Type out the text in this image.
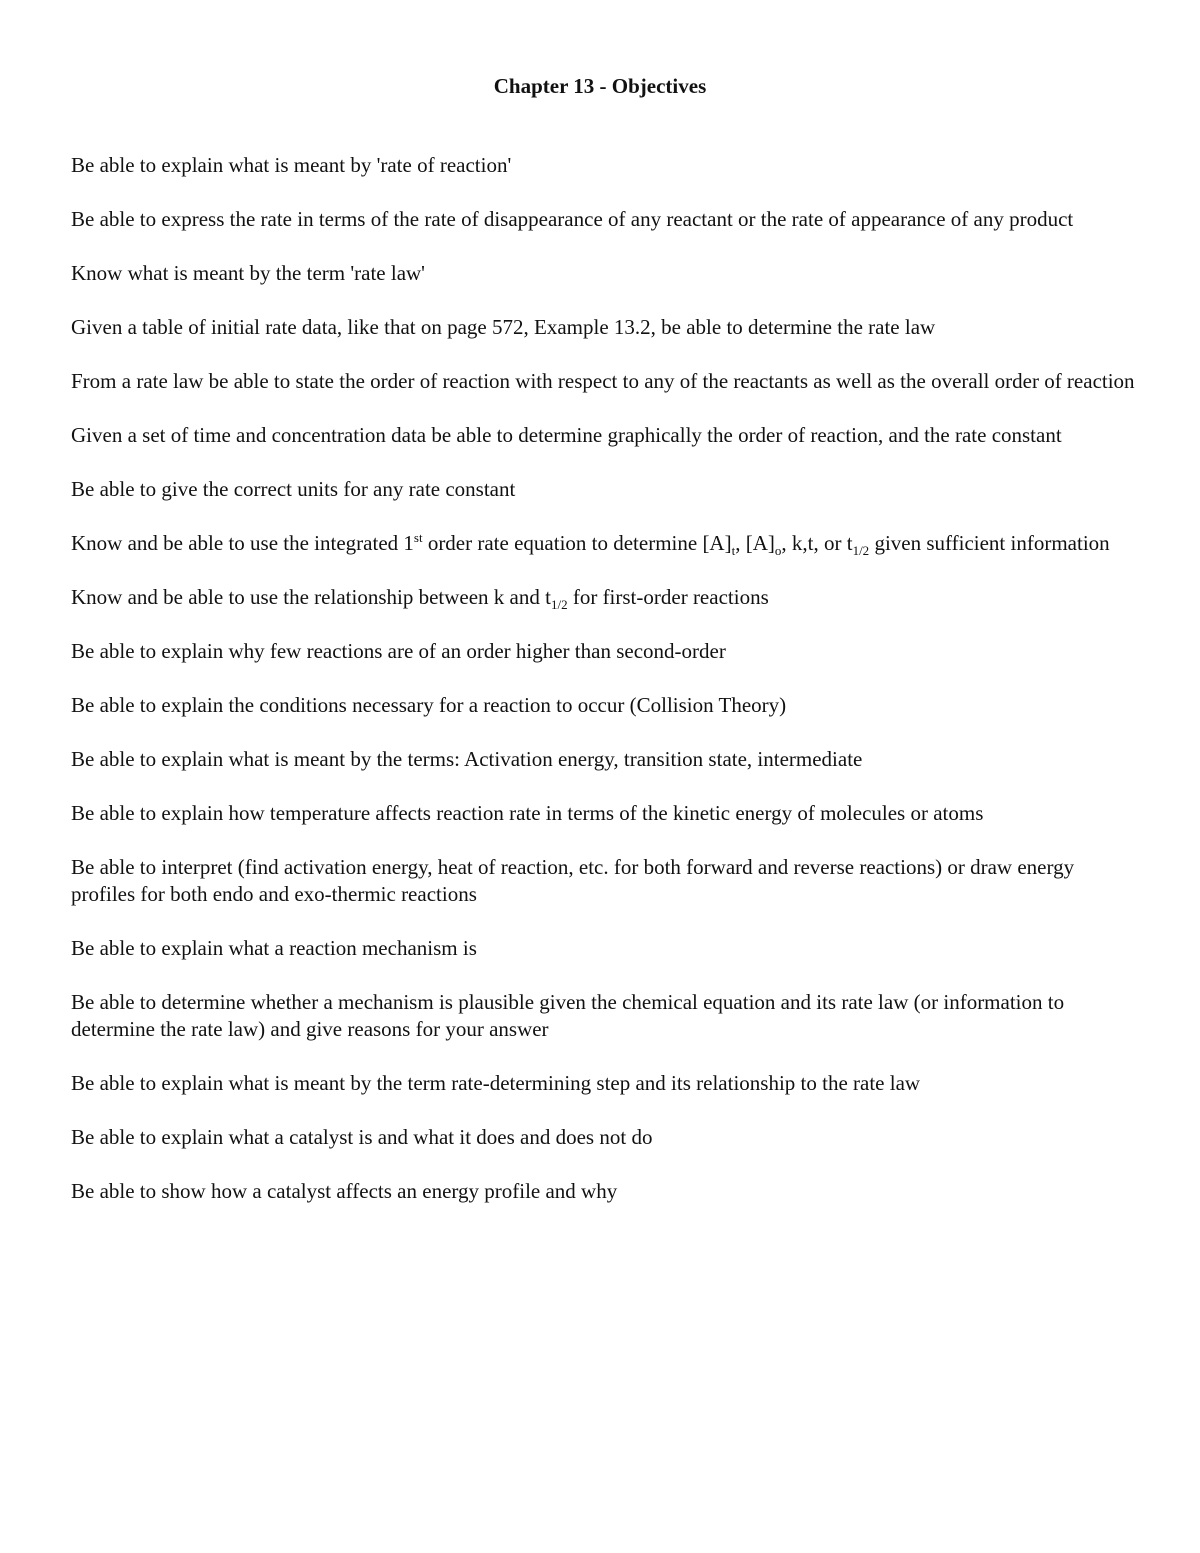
Chapter 13 - Objectives
Be able to explain what is meant by 'rate of reaction'
Be able to express the rate in terms of the rate of disappearance of any reactant or the rate of appearance of any product
Know what is meant by the term 'rate law'
Given a table of initial rate data, like that on page 572, Example 13.2, be able to determine the rate law
From a rate law be able to state the order of reaction with respect to any of the reactants as well as the overall order of reaction
Given a set of time and concentration data be able to determine graphically the order of reaction, and the rate constant
Be able to give the correct units for any rate constant
Know and be able to use the integrated 1st order rate equation to determine $[A]_t$, $[A]_o$, k,t, or $t_{1/2}$ given sufficient information
Know and be able to use the relationship between k and $t_{1/2}$ for first-order reactions
Be able to explain why few reactions are of an order higher than second-order
Be able to explain the conditions necessary for a reaction to occur (Collision Theory)
Be able to explain what is meant by the terms: Activation energy, transition state, intermediate
Be able to explain how temperature affects reaction rate in terms of the kinetic energy of molecules or atoms
Be able to interpret (find activation energy, heat of reaction, etc. for both forward and reverse reactions) or draw energy profiles for both endo and exo-thermic reactions
Be able to explain what a reaction mechanism is
Be able to determine whether a mechanism is plausible given the chemical equation and its rate law (or information to determine the rate law) and give reasons for your answer
Be able to explain what is meant by the term rate-determining step and its relationship to the rate law
Be able to explain what a catalyst is and what it does and does not do
Be able to show how a catalyst affects an energy profile and why
